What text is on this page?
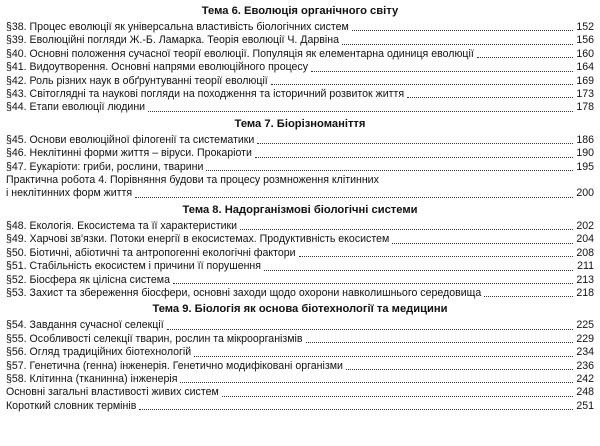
Тема 6. Еволюція органічного світу
§38. Процес еволюції як універсальна властивість біологічних систем	152
§39. Еволюційні погляди Ж.-Б. Ламарка. Теорія еволюції Ч. Дарвіна	156
§40. Основні положення сучасної теорії еволюції. Популяція як елементарна одиниця еволюції	160
§41. Видоутворення. Основні напрями еволюційного процесу	164
§42. Роль різних наук в обґрунтуванні теорії еволюції	169
§43. Світоглядні та наукові погляди на походження та історичний розвиток життя	173
§44. Етапи еволюції людини	178
Тема 7. Біорізноманіття
§45. Основи еволюційної філогенії та систематики	186
§46. Неклітинні форми життя – віруси. Прокаріоти	190
§47. Еукаріоти: гриби, рослини, тварини	195
Практична робота 4. Порівняння будови та процесу розмноження клітинних
і неклітинних форм життя	200
Тема 8. Надорганізмові біологічні системи
§48. Екологія. Екосистема та її характеристики	202
§49. Харчові зв'язки. Потоки енергії в екосистемах. Продуктивність екосистем	204
§50. Біотичні, абіотичні та антропогенні екологічні фактори	208
§51. Стабільність екосистем і причини її порушення	211
§52. Біосфера як цілісна система	213
§53. Захист та збереження біосфери, основні заходи щодо охорони навколишнього середовища	218
Тема 9. Біологія як основа біотехнології та медицини
§54. Завдання сучасної селекції	225
§55. Особливості селекції тварин, рослин та мікроорганізмів	229
§56. Огляд традиційних біотехнологій	234
§57. Генетична (генна) інженерія. Генетично модифіковані організми	236
§58. Клітинна (тканинна) інженерія	242
Основні загальні властивості живих систем	248
Короткий словник термінів	251
